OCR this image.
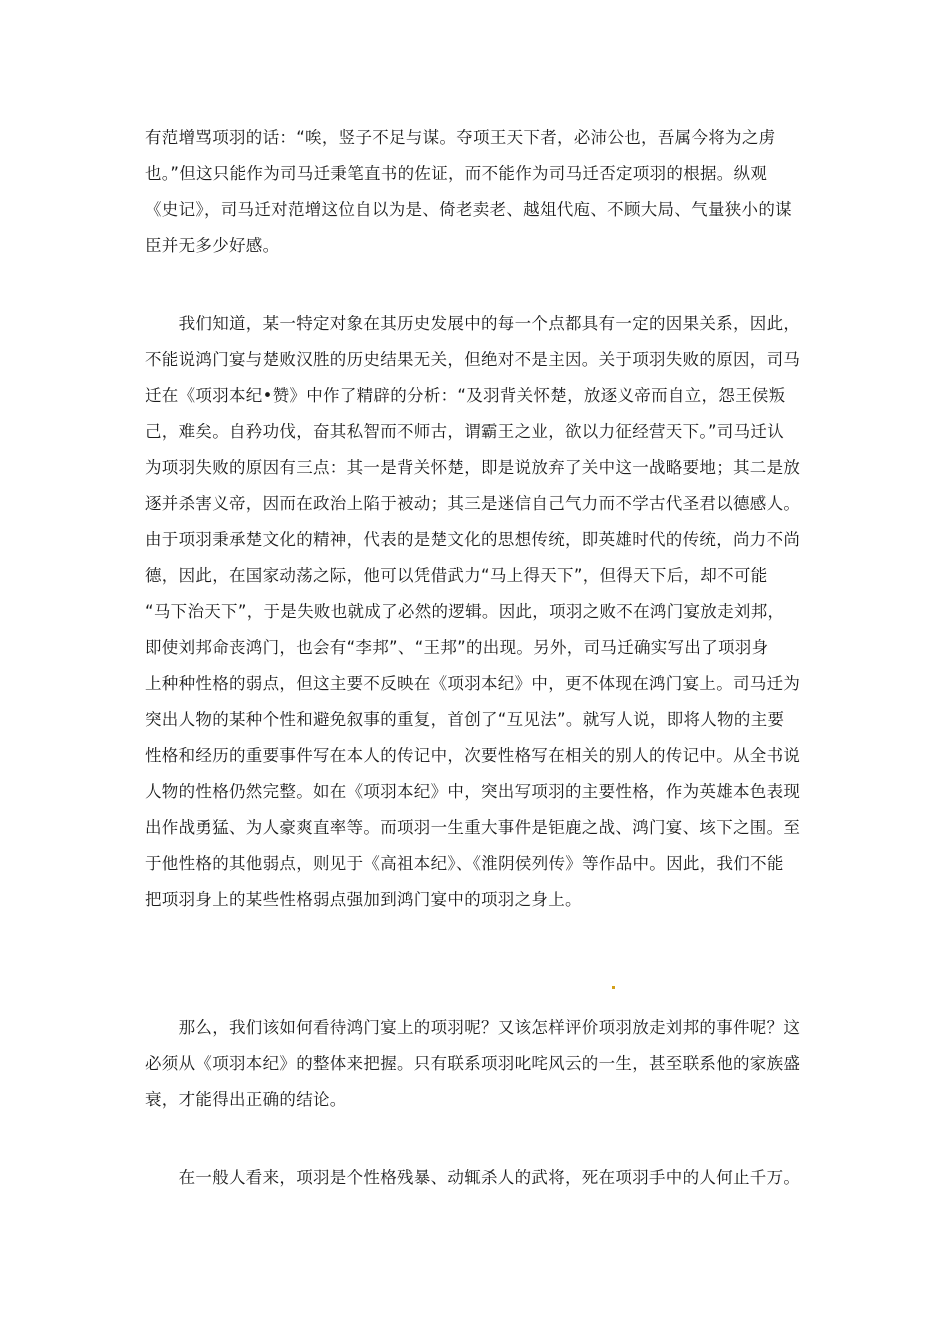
有范增骂项羽的话：“唉，竖子不足与谋。夺项王天下者，必沛公也，吾属今将为之虏
也。”但这只能作为司马迁秉笔直书的佐证，而不能作为司马迁否定项羽的根据。纵观
《史记》，司马迁对范增这位自以为是、倚老卖老、越俎代庖、不顾大局、气量狭小的谋
臣并无多少好感。
　　我们知道，某一特定对象在其历史发展中的每一个点都具有一定的因果关系，因此，
不能说鸿门宴与楚败汉胜的历史结果无关，但绝对不是主因。关于项羽失败的原因，司马
迁在《项羽本纪•赞》中作了精辟的分析：“及羽背关怀楚，放逐义帝而自立，怨王侯叛
己，难矣。自矜功伐，奋其私智而不师古，谓霸王之业，欲以力征经营天下。”司马迁认
为项羽失败的原因有三点：其一是背关怀楚，即是说放弃了关中这一战略要地；其二是放
逐并杀害义帝，因而在政治上陷于被动；其三是迷信自己气力而不学古代圣君以德感人。
由于项羽秉承楚文化的精神，代表的是楚文化的思想传统，即英雄时代的传统，尚力不尚
德，因此，在国家动荡之际，他可以凭借武力“马上得天下”，但得天下后，却不可能
“马下治天下”，于是失败也就成了必然的逻辑。因此，项羽之败不在鸿门宴放走刘邦，
即使刘邦命丧鸿门，也会有“李邦”、“王邦”的出现。另外，司马迁确实写出了项羽身
上种种性格的弱点，但这主要不反映在《项羽本纪》中，更不体现在鸿门宴上。司马迁为
突出人物的某种个性和避免叙事的重复，首创了“互见法”。就写人说，即将人物的主要
性格和经历的重要事件写在本人的传记中，次要性格写在相关的别人的传记中。从全书说
人物的性格仍然完整。如在《项羽本纪》中，突出写项羽的主要性格，作为英雄本色表现
出作战勇猛、为人豪爽直率等。而项羽一生重大事件是钜鹿之战、鸿门宴、垓下之围。至
于他性格的其他弱点，则见于《高祖本纪》、《淮阴侯列传》等作品中。因此，我们不能
把项羽身上的某些性格弱点强加到鸿门宴中的项羽之身上。
　　那么，我们该如何看待鸿门宴上的项羽呢？又该怎样评价项羽放走刘邦的事件呢？这
必须从《项羽本纪》的整体来把握。只有联系项羽叱咤风云的一生，甚至联系他的家族盛
衰，才能得出正确的结论。
　　在一般人看来，项羽是个性格残暴、动辄杀人的武将，死在项羽手中的人何止千万。
